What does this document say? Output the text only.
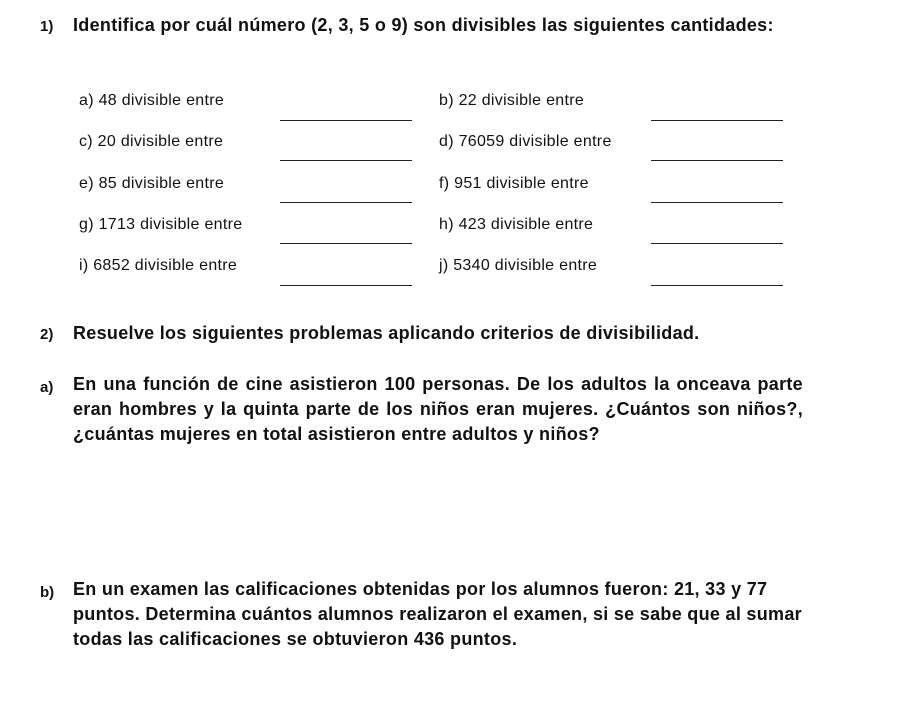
1) Identifica por cuál número (2, 3, 5 o 9) son divisibles las siguientes cantidades:
a) 48 divisible entre	b) 22 divisible entre
c) 20 divisible entre	d) 76059 divisible entre
e) 85 divisible entre	f) 951 divisible entre
g) 1713 divisible entre	h) 423 divisible entre
i) 6852 divisible entre	j) 5340 divisible entre
2) Resuelve los siguientes problemas aplicando criterios de divisibilidad.
a) En una función de cine asistieron 100 personas. De los adultos la onceava parte eran hombres y la quinta parte de los niños eran mujeres. ¿Cuántos son niños?, ¿cuántas mujeres en total asistieron entre adultos y niños?
b) En un examen las calificaciones obtenidas por los alumnos fueron: 21, 33 y 77 puntos. Determina cuántos alumnos realizaron el examen, si se sabe que al sumar todas las calificaciones se obtuvieron 436 puntos.
